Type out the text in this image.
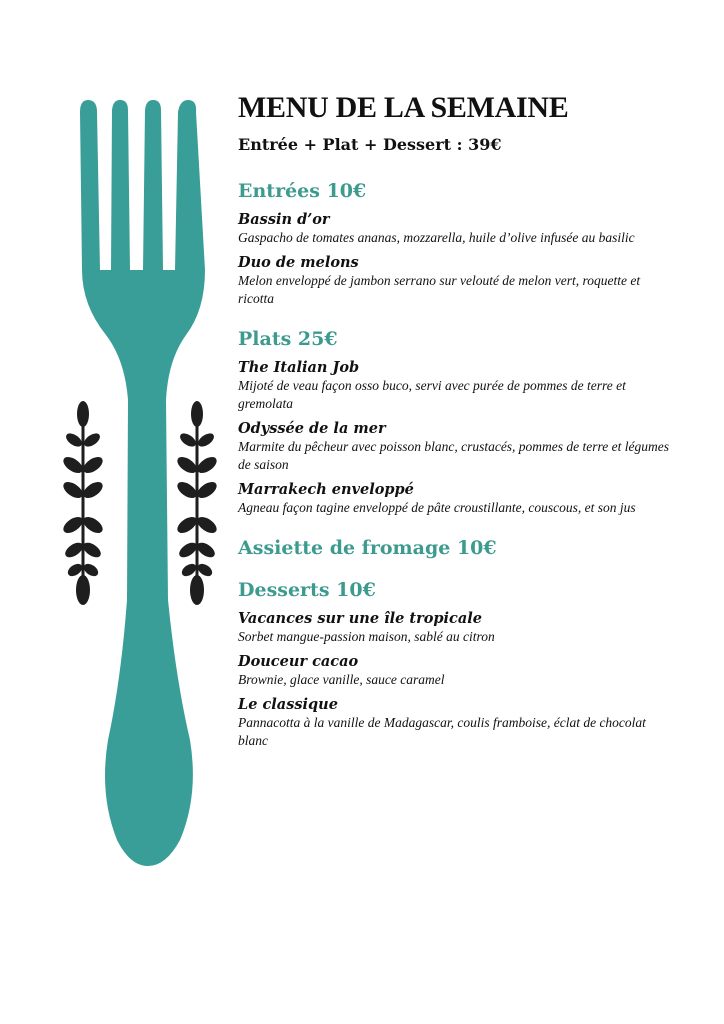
MENU DE LA SEMAINE
Entrée + Plat + Dessert : 39€
Entrées 10€
Bassin d’or
Gaspacho de tomates ananas, mozzarella, huile d’olive infusée au basilic
Duo de melons
Melon enveloppé de jambon serrano sur velouté de melon vert, roquette et ricotta
Plats 25€
The Italian Job
Mijoté de veau façon osso buco, servi avec purée de pommes de terre et gremolata
Odyssée de la mer
Marmite du pêcheur avec poisson blanc, crustacés, pommes de terre et légumes de saison
Marrakech enveloppé
Agneau façon tagine enveloppé de pâte croustillante, couscous, et son jus
Assiette de fromage 10€
Desserts 10€
Vacances sur une île tropicale
Sorbet mangue-passion maison, sablé au citron
Douceur cacao
Brownie, glace vanille, sauce caramel
Le classique
Pannacotta à la vanille de Madagascar, coulis framboise, éclat de chocolat blanc
